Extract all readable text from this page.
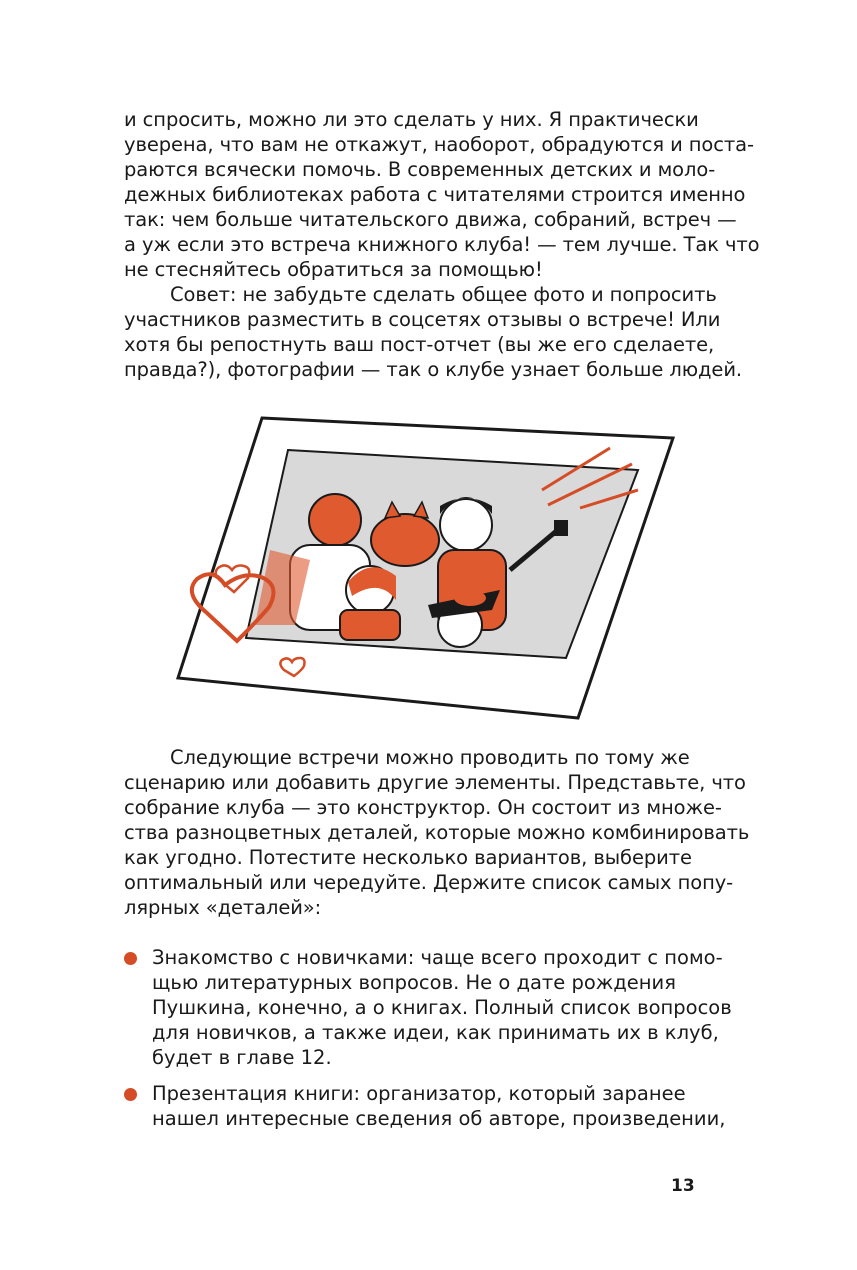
и спросить, можно ли это сделать у них. Я практически
уверена, что вам не откажут, наоборот, обрадуются и поста-
раются всячески помочь. В современных детских и моло-
дежных библиотеках работа с читателями строится именно
так: чем больше читательского движа, собраний, встреч —
а уж если это встреча книжного клуба! — тем лучше. Так что
не стесняйтесь обратиться за помощью!
Совет: не забудьте сделать общее фото и попросить
участников разместить в соцсетях отзывы о встрече! Или
хотя бы репостнуть ваш пост-отчет (вы же его сделаете,
правда?), фотографии — так о клубе узнает больше людей.
Следующие встречи можно проводить по тому же
сценарию или добавить другие элементы. Представьте, что
собрание клуба — это конструктор. Он состоит из множе-
ства разноцветных деталей, которые можно комбинировать
как угодно. Потестите несколько вариантов, выберите
оптимальный или чередуйте. Держите список самых попу-
лярных «деталей»:
Знакомство с новичками: чаще всего проходит с помо-
щью литературных вопросов. Не о дате рождения
Пушкина, конечно, а о книгах. Полный список вопросов
для новичков, а также идеи, как принимать их в клуб,
будет в главе 12.
Презентация книги: организатор, который заранее
нашел интересные сведения об авторе, произведении,
13
